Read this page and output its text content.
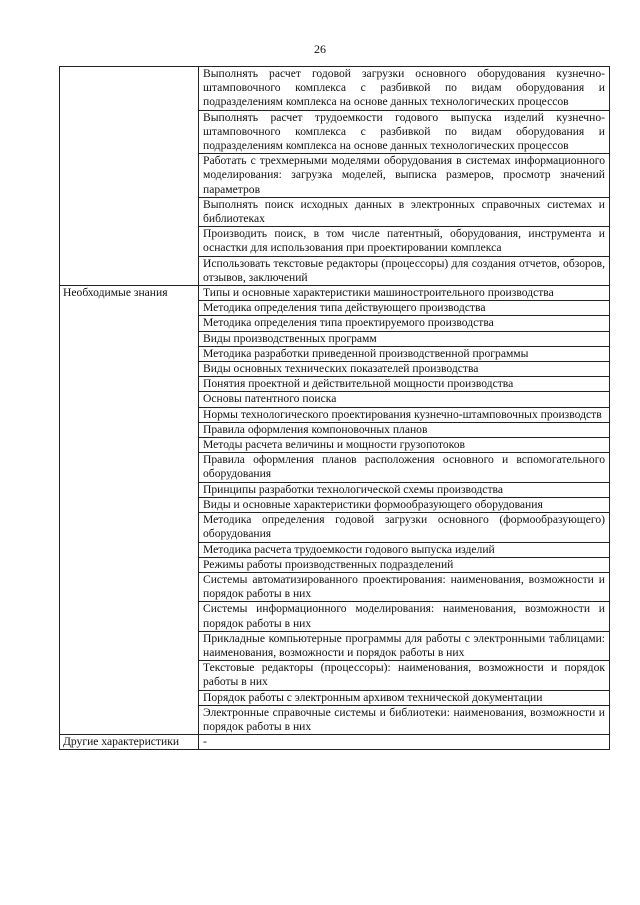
26
	Выполнять расчет годовой загрузки основного оборудования кузнечно-штамповочного комплекса с разбивкой по видам оборудования и подразделениям комплекса на основе данных технологических процессов
	Выполнять расчет трудоемкости годового выпуска изделий кузнечно-штамповочного комплекса с разбивкой по видам оборудования и подразделениям комплекса на основе данных технологических процессов
	Работать с трехмерными моделями оборудования в системах информационного моделирования: загрузка моделей, выписка размеров, просмотр значений параметров
	Выполнять поиск исходных данных в электронных справочных системах и библиотеках
	Производить поиск, в том числе патентный, оборудования, инструмента и оснастки для использования при проектировании комплекса
	Использовать текстовые редакторы (процессоры) для создания отчетов, обзоров, отзывов, заключений
Необходимые знания	Типы и основные характеристики машиностроительного производства
	Методика определения типа действующего производства
	Методика определения типа проектируемого производства
	Виды производственных программ
	Методика разработки приведенной производственной программы
	Виды основных технических показателей производства
	Понятия проектной и действительной мощности производства
	Основы патентного поиска
	Нормы технологического проектирования кузнечно-штамповочных производств
	Правила оформления компоновочных планов
	Методы расчета величины и мощности грузопотоков
	Правила оформления планов расположения основного и вспомогательного оборудования
	Принципы разработки технологической схемы производства
	Виды и основные характеристики формообразующего оборудования
	Методика определения годовой загрузки основного (формообразующего) оборудования
	Методика расчета трудоемкости годового выпуска изделий
	Режимы работы производственных подразделений
	Системы автоматизированного проектирования: наименования, возможности и порядок работы в них
	Системы информационного моделирования: наименования, возможности и порядок работы в них
	Прикладные компьютерные программы для работы с электронными таблицами: наименования, возможности и порядок работы в них
	Текстовые редакторы (процессоры): наименования, возможности и порядок работы в них
	Порядок работы с электронным архивом технической документации
	Электронные справочные системы и библиотеки: наименования, возможности и порядок работы в них
Другие характеристики	-
